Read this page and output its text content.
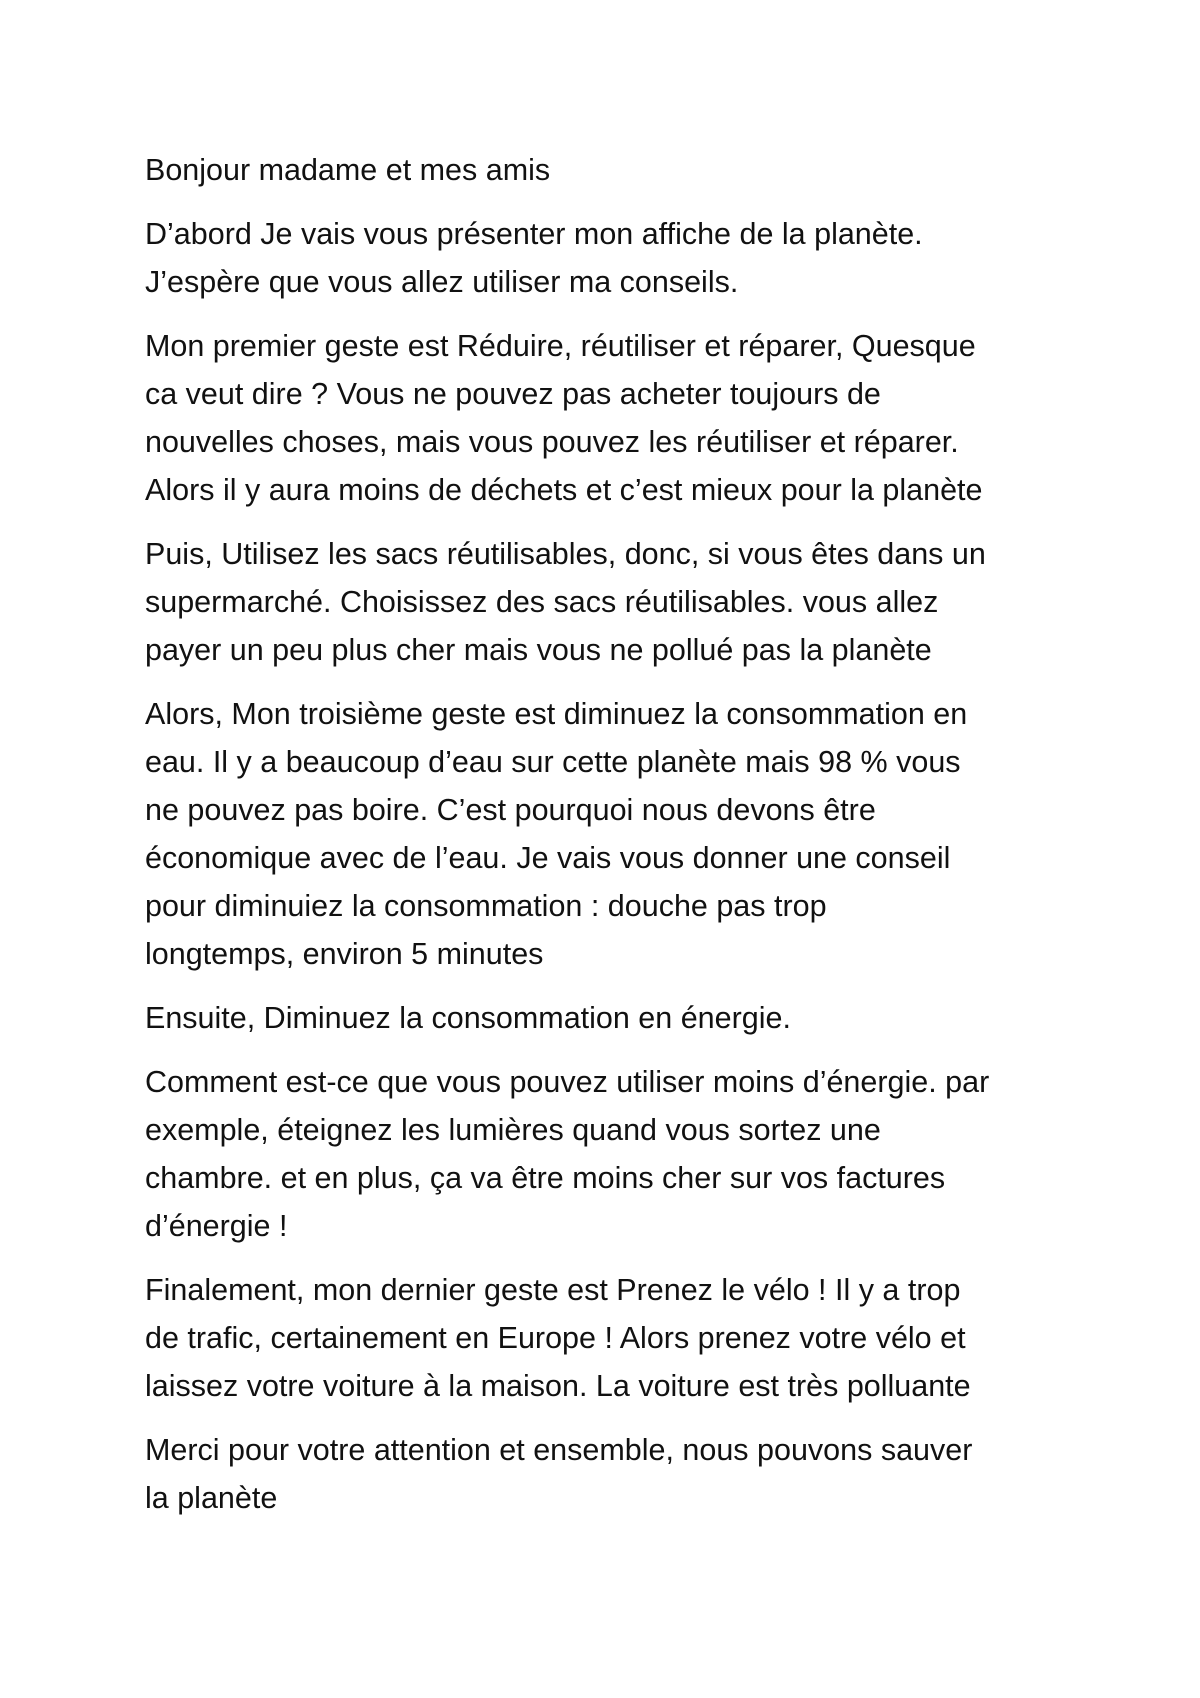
Bonjour madame et mes amis

D’abord Je vais vous présenter mon affiche de la planète.
J’espère que vous allez utiliser ma conseils.

Mon premier geste est Réduire, réutiliser et réparer, Quesque
ca veut dire ? Vous ne pouvez pas acheter toujours de
nouvelles choses, mais vous pouvez les réutiliser et réparer.
Alors il y aura moins de déchets et c’est mieux pour la planète

Puis, Utilisez les sacs réutilisables, donc, si vous êtes dans un
supermarché. Choisissez des sacs réutilisables. vous allez
payer un peu plus cher mais vous ne pollué pas la planète

Alors, Mon troisième geste est diminuez la consommation en
eau. Il y a beaucoup d’eau sur cette planète mais 98 % vous
ne pouvez pas boire. C’est pourquoi nous devons être
économique avec de l’eau. Je vais vous donner une conseil
pour diminuiez la consommation : douche pas trop
longtemps, environ 5 minutes

Ensuite, Diminuez la consommation en énergie.

Comment est-ce que vous pouvez utiliser moins d’énergie. par
exemple, éteignez les lumières quand vous sortez une
chambre. et en plus, ça va être moins cher sur vos factures
d’énergie !

Finalement, mon dernier geste est Prenez le vélo ! Il y a trop
de trafic, certainement en Europe ! Alors prenez votre vélo et
laissez votre voiture à la maison. La voiture est très polluante

Merci pour votre attention et ensemble, nous pouvons sauver
la planète
